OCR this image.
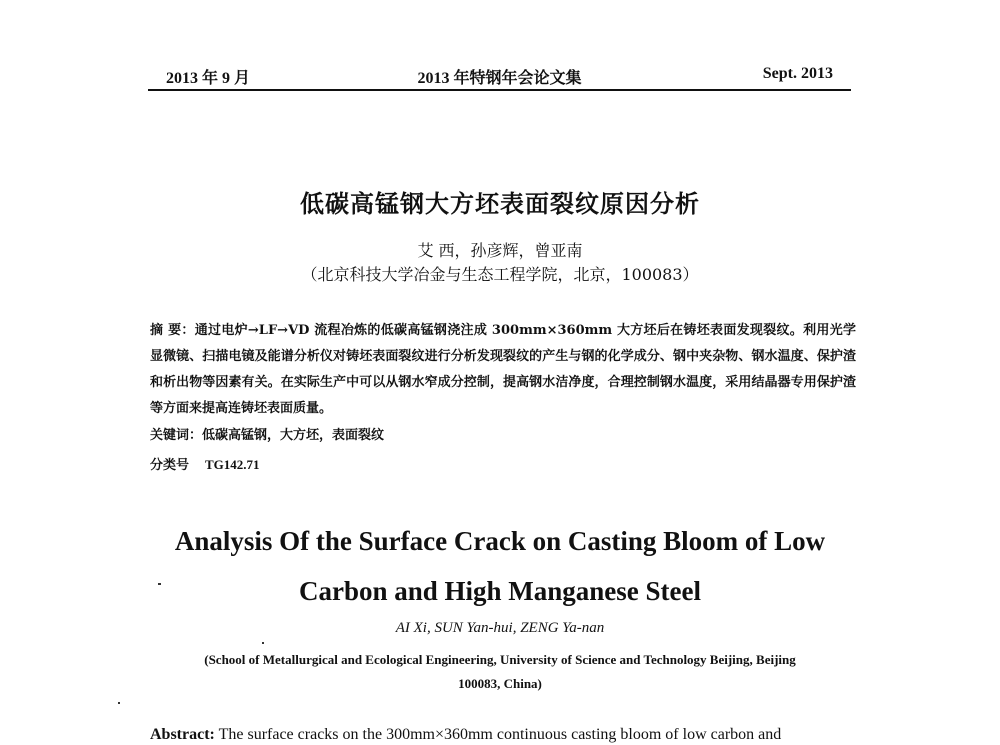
2013 年 9 月	2013 年特钢年会论文集	Sept. 2013
低碳高锰钢大方坯表面裂纹原因分析
艾 西，孙彦辉，曾亚南
（北京科技大学冶金与生态工程学院，北京，100083）
摘 要：通过电炉→LF→VD 流程冶炼的低碳高锰钢浇注成 300mm×360mm 大方坯后在铸坯表面发现裂纹。利用光学显微镜、扫描电镜及能谱分析仪对铸坯表面裂纹进行分析发现裂纹的产生与钢的化学成分、钢中夹杂物、钢水温度、保护渣和析出物等因素有关。在实际生产中可以从钢水窄成分控制，提高钢水洁净度，合理控制钢水温度，采用结晶器专用保护渣等方面来提高连铸坯表面质量。
关键词：低碳高锰钢，大方坯，表面裂纹
分类号 TG142.71
Analysis Of the Surface Crack on Casting Bloom of Low
Carbon and High Manganese Steel
AI Xi, SUN Yan-hui, ZENG Ya-nan
(School of Metallurgical and Ecological Engineering, University of Science and Technology Beijing, Beijing
100083, China)
Abstract: The surface cracks on the 300mm×360mm continuous casting bloom of low carbon and
